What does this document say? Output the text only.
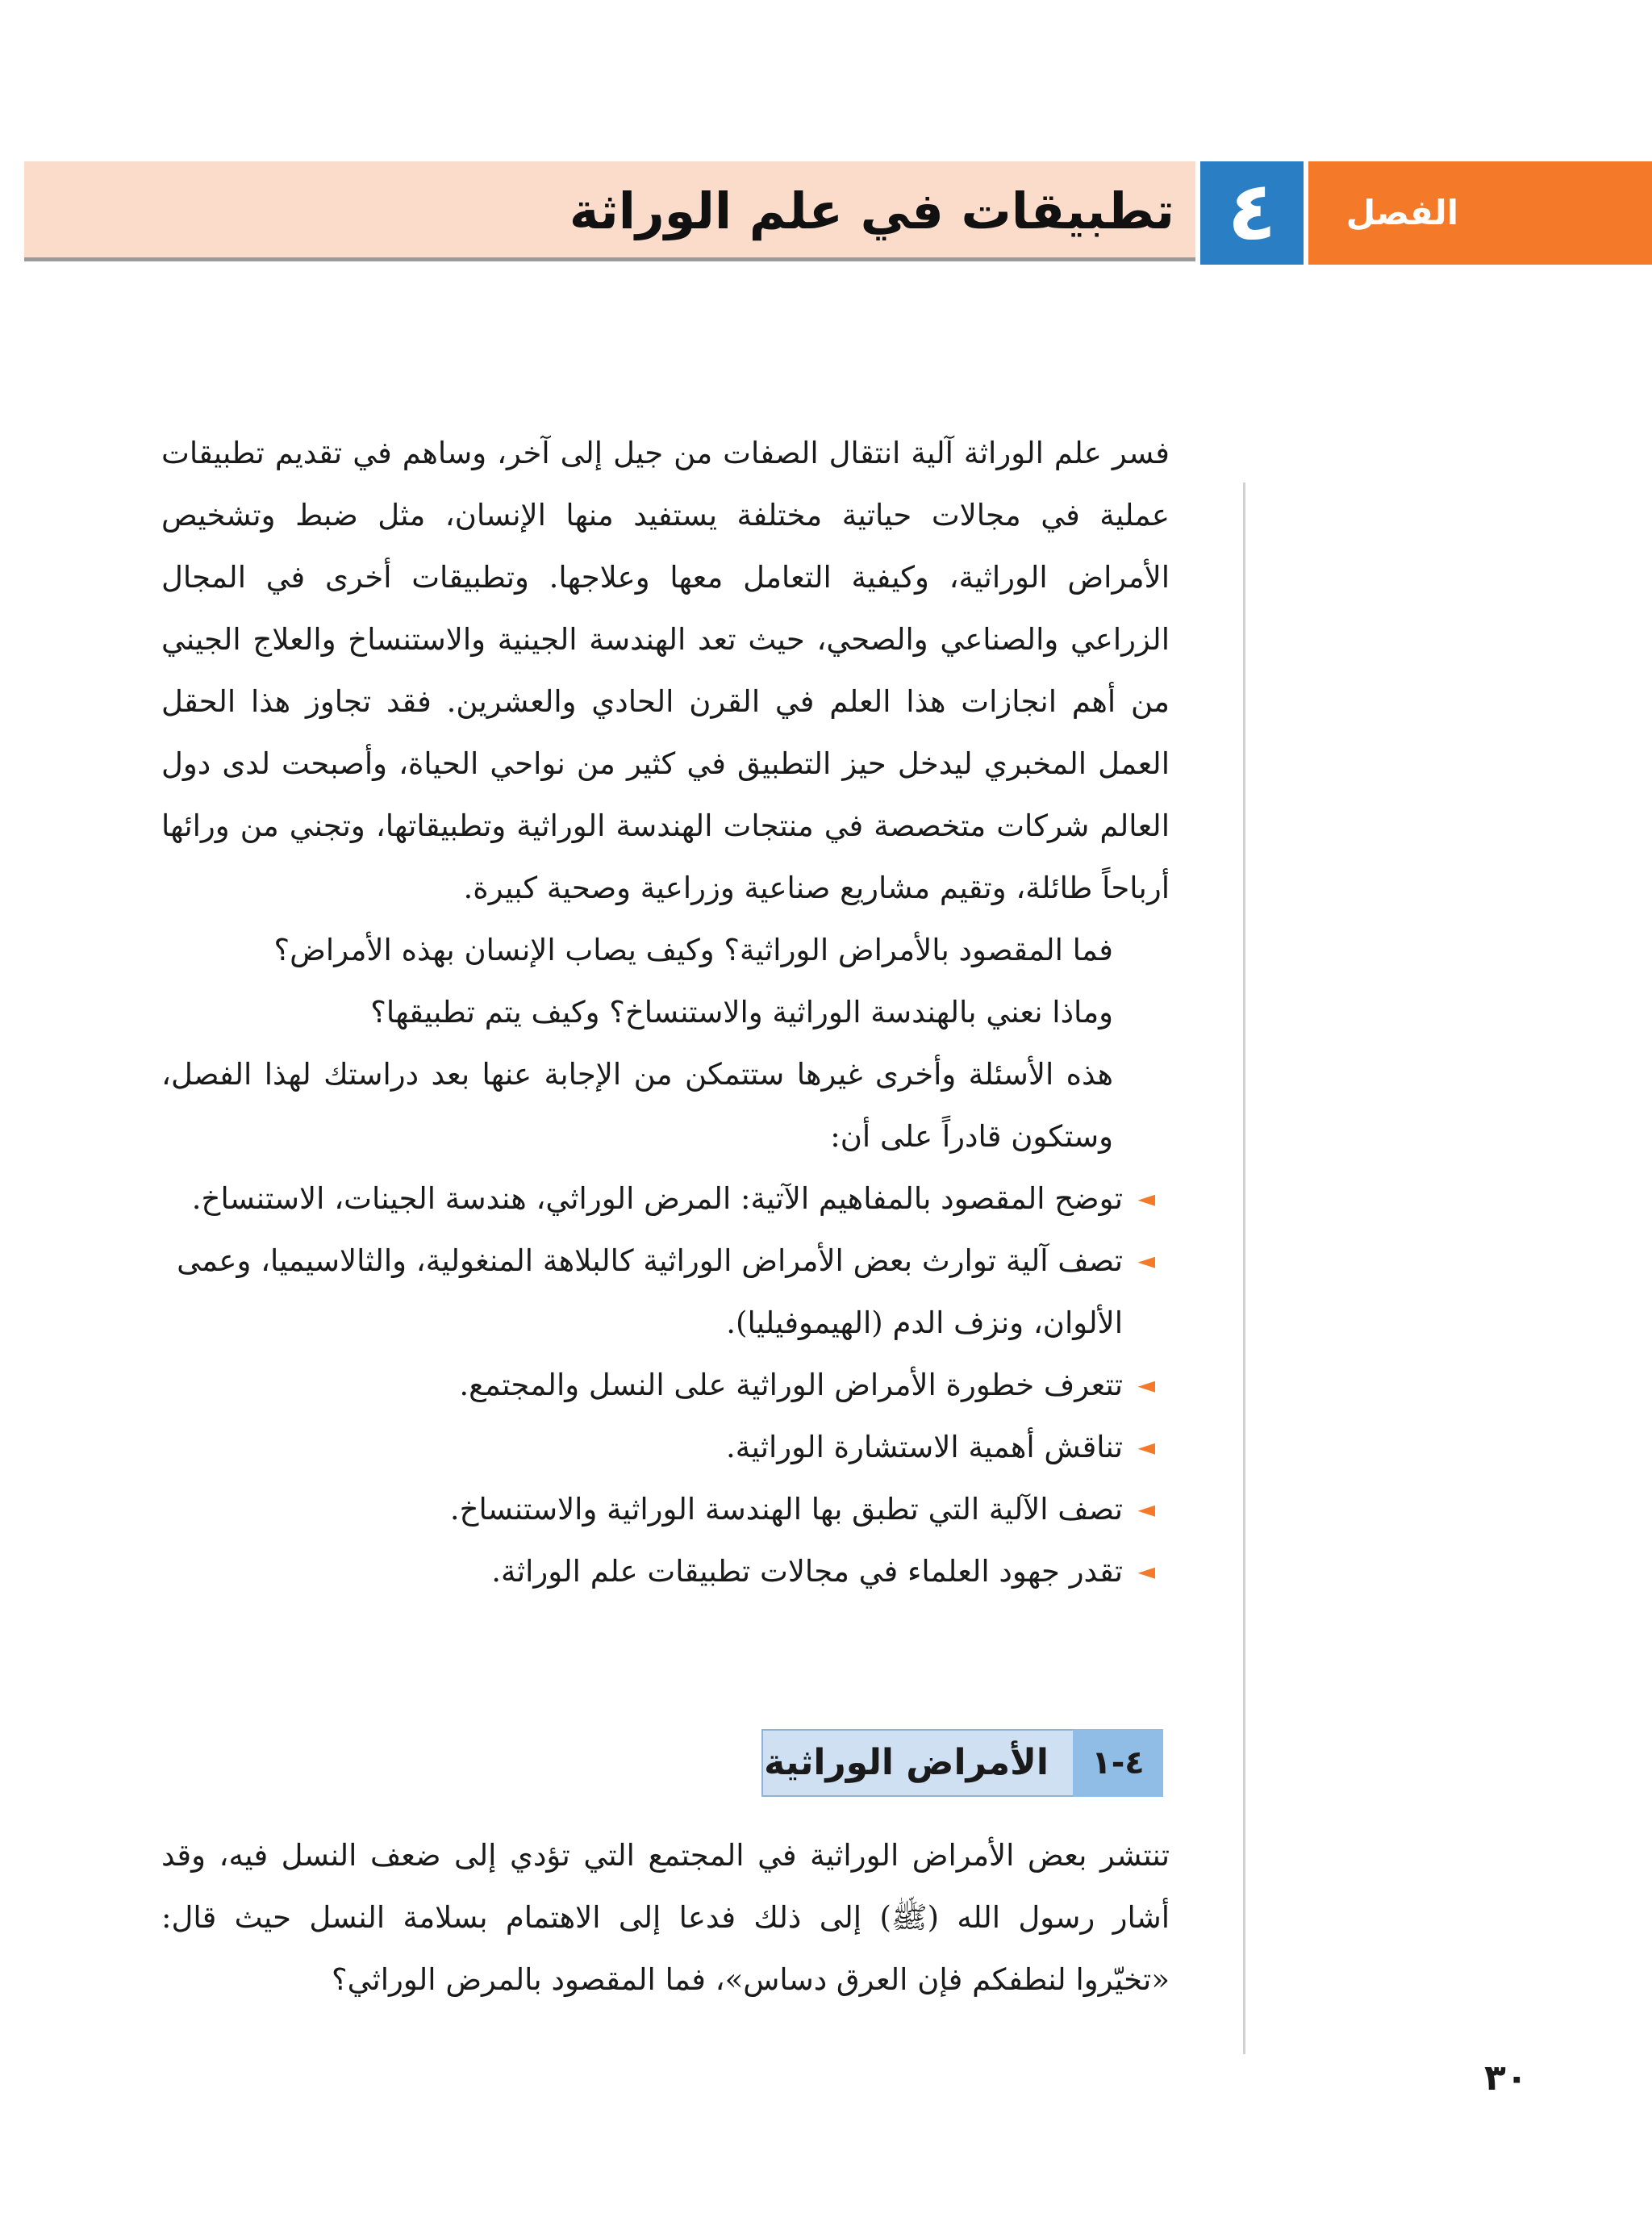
تطبيقات في علم الوراثة ٤	الفصل

فسر علم الوراثة آلية انتقال الصفات من جيل إلى آخر، وساهم في تقديم تطبيقات عملية في مجالات حياتية مختلفة يستفيد منها الإنسان، مثل ضبط وتشخيص الأمراض الوراثية، وكيفية التعامل معها وعلاجها. وتطبيقات أخرى في المجال الزراعي والصناعي والصحي، حيث تعد الهندسة الجينية والاستنساخ والعلاج الجيني من أهم انجازات هذا العلم في القرن الحادي والعشرين. فقد تجاوز هذا الحقل العمل المخبري ليدخل حيز التطبيق في كثير من نواحي الحياة، وأصبحت لدى دول العالم شركات متخصصة في منتجات الهندسة الوراثية وتطبيقاتها، وتجني من ورائها أرباحاً طائلة، وتقيم مشاريع صناعية وزراعية وصحية كبيرة.

فما المقصود بالأمراض الوراثية؟ وكيف يصاب الإنسان بهذه الأمراض؟

وماذا نعني بالهندسة الوراثية والاستنساخ؟ وكيف يتم تطبيقها؟

هذه الأسئلة وأخرى غيرها ستتمكن من الإجابة عنها بعد دراستك لهذا الفصل، وستكون قادراً على أن:

◄
توضح المقصود بالمفاهيم الآتية: المرض الوراثي، هندسة الجينات، الاستنساخ.
◄
تصف آلية توارث بعض الأمراض الوراثية كالبلاهة المنغولية، والثالاسيميا، وعمى الألوان، ونزف الدم (الهيموفيليا).
◄
تتعرف خطورة الأمراض الوراثية على النسل والمجتمع.
◄
تناقش أهمية الاستشارة الوراثية.
◄
تصف الآلية التي تطبق بها الهندسة الوراثية والاستنساخ.
◄
تقدر جهود العلماء في مجالات تطبيقات علم الوراثة.
٤-١
الأمراض الوراثية

تنتشر بعض الأمراض الوراثية في المجتمع التي تؤدي إلى ضعف النسل فيه، وقد أشار رسول الله (ﷺ) إلى ذلك فدعا إلى الاهتمام بسلامة النسل حيث قال: «تخيّروا لنطفكم فإن العرق دساس»، فما المقصود بالمرض الوراثي؟

٣٠
